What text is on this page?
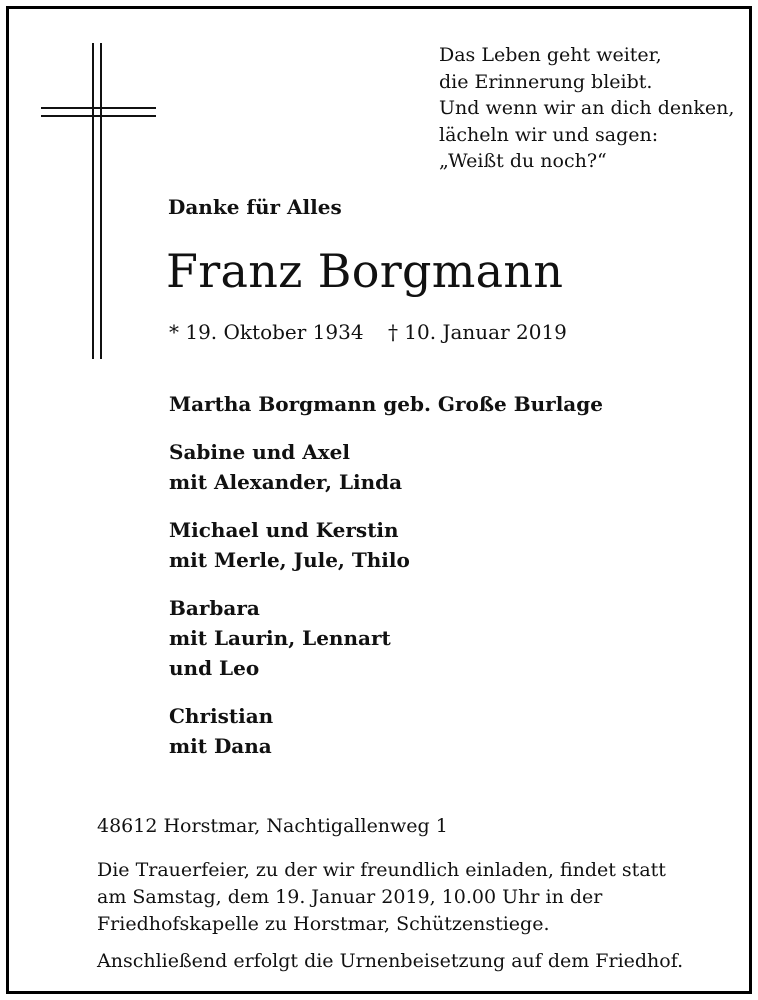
Das Leben geht weiter,
die Erinnerung bleibt.
Und wenn wir an dich denken,
lächeln wir und sagen:
„Weißt du noch?“
Danke für Alles
Franz Borgmann
* 19. Oktober 1934 † 10. Januar 2019
Martha Borgmann geb. Große Burlage
Sabine und Axel
mit Alexander, Linda
Michael und Kerstin
mit Merle, Jule, Thilo
Barbara
mit Laurin, Lennart
und Leo
Christian
mit Dana
48612 Horstmar, Nachtigallenweg 1
Die Trauerfeier, zu der wir freundlich einladen, findet statt
am Samstag, dem 19. Januar 2019, 10.00 Uhr in der
Friedhofskapelle zu Horstmar, Schützenstiege.
Anschließend erfolgt die Urnenbeisetzung auf dem Friedhof.
